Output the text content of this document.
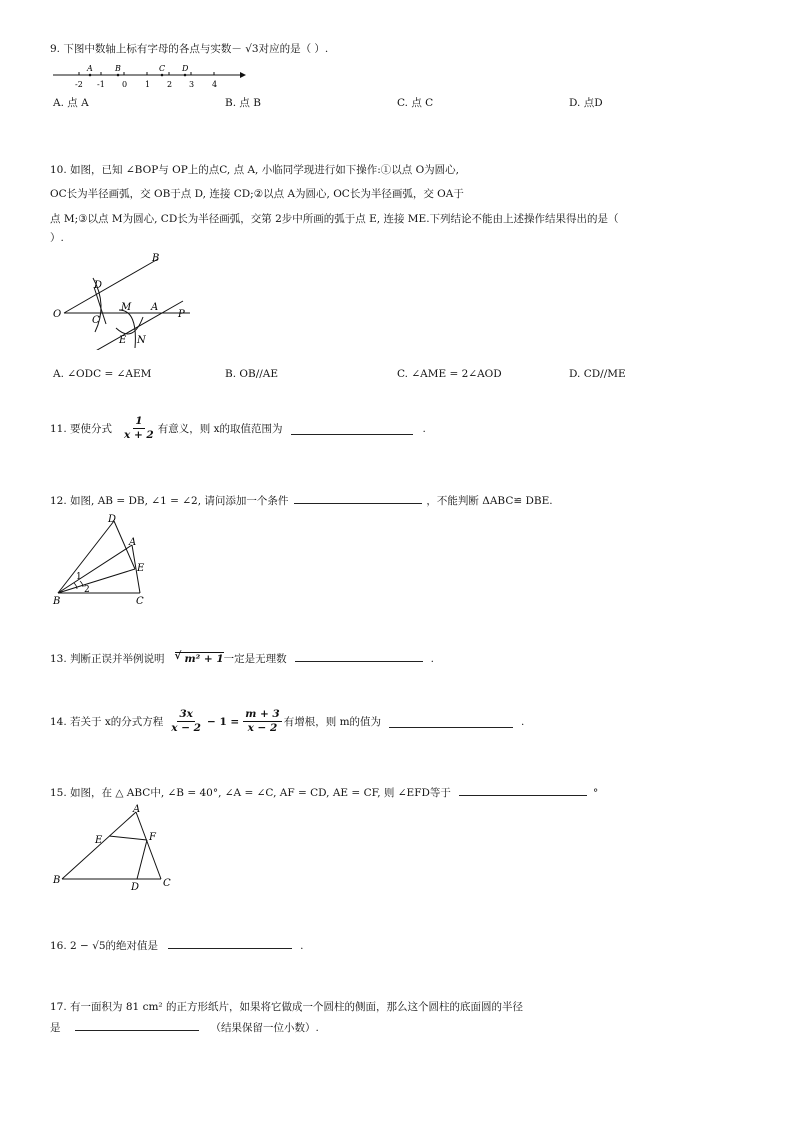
9. 下图中数轴上标有字母的各点与实数－ √3对应的是（ ）.
A	B	C D
-2 -1 0 1 2 3 4
A. 点 A	B. 点 B	C. 点 C	D. 点D
10. 如图，已知 ∠BOP与 OP上的点C, 点 A, 小临同学现进行如下操作:①以点 O为圆心,
OC长为半径画弧，交 OB于点 D, 连接 CD;②以点 A为圆心, OC长为半径画弧，交 OA于
点 M;③以点 M为圆心, CD长为半径画弧，交第 2步中所画的弧于点 E, 连接 ME.下列结论不能由上述操作结果得出的是（
）.
B
D
M A
O
C
P
E N
A. ∠ODC = ∠AEM	B. OB//AE	C. ∠AME = 2∠AOD	D. CD//ME
11. 要使分式 $\frac{1}{x + 2}$ 有意义，则 x的取值范围为	.
12. 如图, AB = DB, ∠1 = ∠2, 请问添加一个条件	，不能判断 ΔABC≌ DBE.
D
A
E
1
2
B	C
13. 判断正误并举例说明 √ m² + 1 一定是无理数	.
14. 若关于 x的分式方程 $\frac{3x}{x - 2} - 1 = \frac{m + 3}{x - 2}$ 有增根，则 m的值为	.
15. 如图，在 △ ABC中, ∠B = 40°, ∠A = ∠C, AF = CD, AE = CF, 则 ∠EFD等于	°
A
E	F
B
D C
16. 2 − √5的绝对值是	.
17. 有一面积为 81 cm² 的正方形纸片，如果将它做成一个圆柱的侧面，那么这个圆柱的底面圆的半径
是	（结果保留一位小数）.
